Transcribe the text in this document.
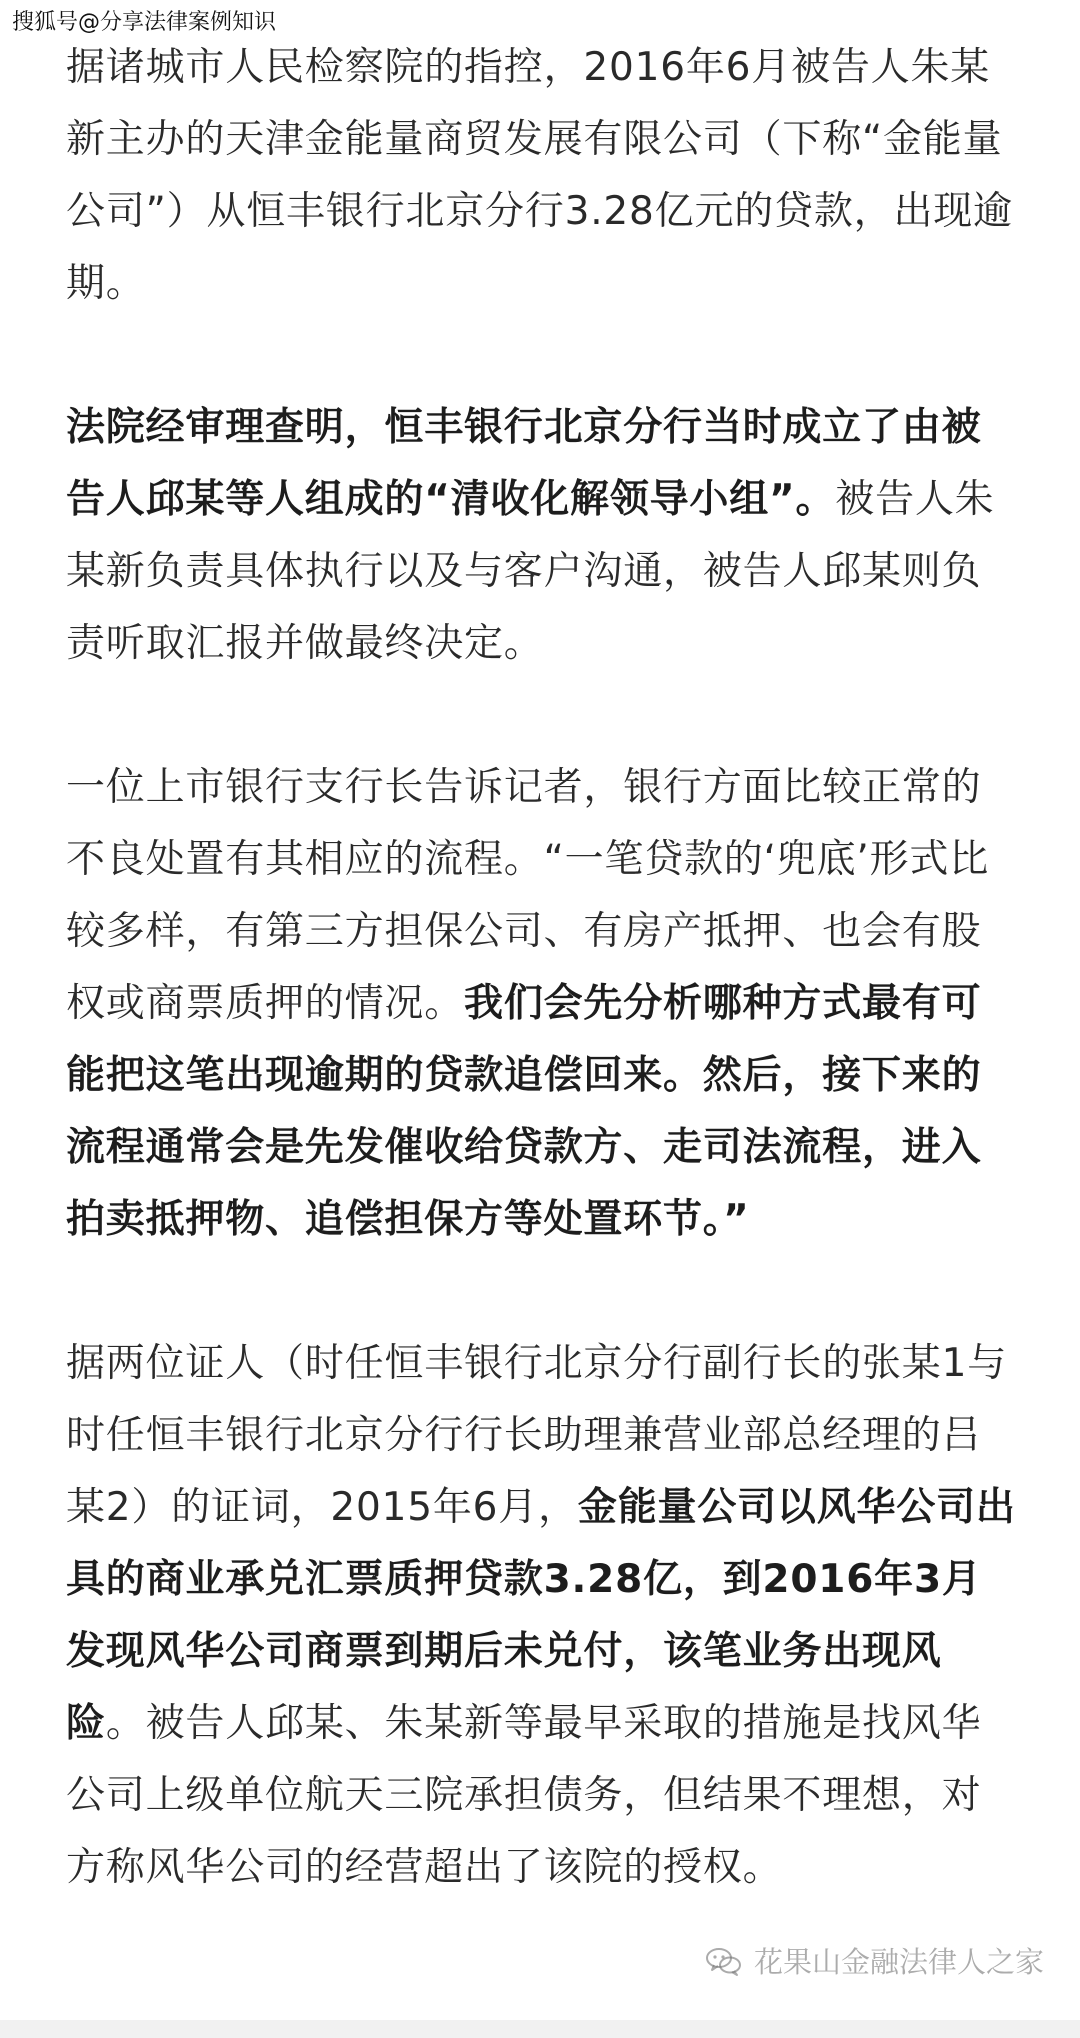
搜狐号@分享法律案例知识

据诸城市人民检察院的指控，2016年6月被告人朱某新主办的天津金能量商贸发展有限公司（下称“金能量公司”）从恒丰银行北京分行3.28亿元的贷款，出现逾期。

法院经审理查明，恒丰银行北京分行当时成立了由被告人邱某等人组成的“清收化解领导小组”。被告人朱某新负责具体执行以及与客户沟通，被告人邱某则负责听取汇报并做最终决定。

一位上市银行支行长告诉记者，银行方面比较正常的不良处置有其相应的流程。“一笔贷款的‘兜底’形式比较多样，有第三方担保公司、有房产抵押、也会有股权或商票质押的情况。我们会先分析哪种方式最有可能把这笔出现逾期的贷款追偿回来。然后，接下来的流程通常会是先发催收给贷款方、走司法流程，进入拍卖抵押物、追偿担保方等处置环节。”

据两位证人（时任恒丰银行北京分行副行长的张某1与时任恒丰银行北京分行行长助理兼营业部总经理的吕某2）的证词，2015年6月，金能量公司以风华公司出具的商业承兑汇票质押贷款3.28亿，到2016年3月发现风华公司商票到期后未兑付，该笔业务出现风险。被告人邱某、朱某新等最早采取的措施是找风华公司上级单位航天三院承担债务，但结果不理想，对方称风华公司的经营超出了该院的授权。

花果山金融法律人之家
